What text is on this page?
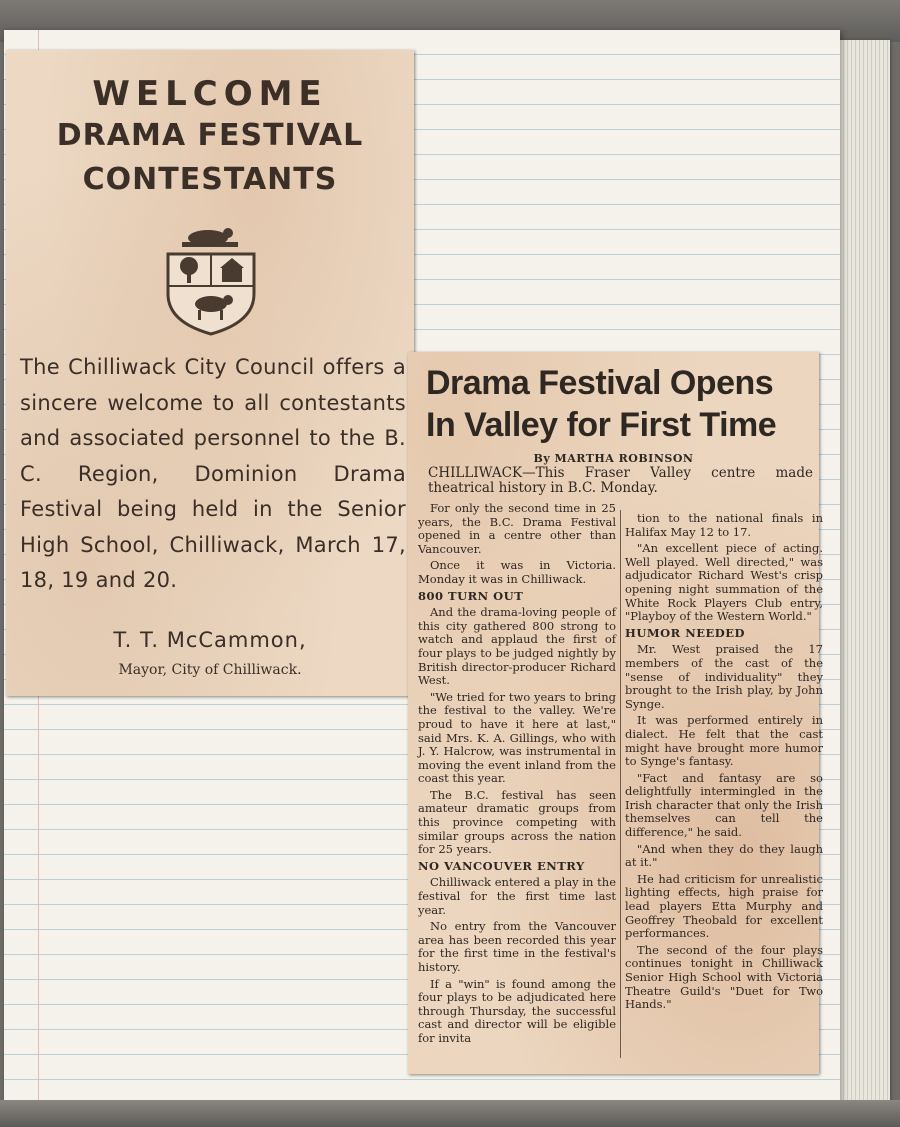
WELCOME
DRAMA FESTIVAL
CONTESTANTS
The Chilliwack City Council offers a sincere welcome to all contestants and associated personnel to the B. C. Region, Dominion Drama Festival being held in the Senior High School, Chilliwack, March 17, 18, 19 and 20.
T. T. McCammon,
Mayor, City of Chilliwack.
Drama Festival Opens
In Valley for First Time
By MARTHA ROBINSON
CHILLIWACK—This Fraser Valley centre made theatrical history in B.C. Monday.

For only the second time in 25 years, the B.C. Drama Festival opened in a centre other than Vancouver.

Once it was in Victoria. Monday it was in Chilliwack.

800 TURN OUT

And the drama-loving people of this city gathered 800 strong to watch and applaud the first of four plays to be judged nightly by British director-producer Richard West.

"We tried for two years to bring the festival to the valley. We're proud to have it here at last," said Mrs. K. A. Gillings, who with J. Y. Halcrow, was instrumental in moving the event inland from the coast this year.

The B.C. festival has seen amateur dramatic groups from this province competing with similar groups across the nation for 25 years.

NO VANCOUVER ENTRY

Chilliwack entered a play in the festival for the first time last year.

No entry from the Vancouver area has been recorded this year for the first time in the festival's history.

If a "win" is found among the four plays to be adjudicated here through Thursday, the successful cast and director will be eligible for invita

tion to the national finals in Halifax May 12 to 17.

"An excellent piece of acting. Well played. Well directed," was adjudicator Richard West's crisp opening night summation of the White Rock Players Club entry, "Playboy of the Western World."

HUMOR NEEDED

Mr. West praised the 17 members of the cast of the "sense of individuality" they brought to the Irish play, by John Synge.

It was performed entirely in dialect. He felt that the cast might have brought more humor to Synge's fantasy.

"Fact and fantasy are so delightfully intermingled in the Irish character that only the Irish themselves can tell the difference," he said.

"And when they do they laugh at it."

He had criticism for unrealistic lighting effects, high praise for lead players Etta Murphy and Geoffrey Theobald for excellent performances.

The second of the four plays continues tonight in Chilliwack Senior High School with Victoria Theatre Guild's "Duet for Two Hands."
